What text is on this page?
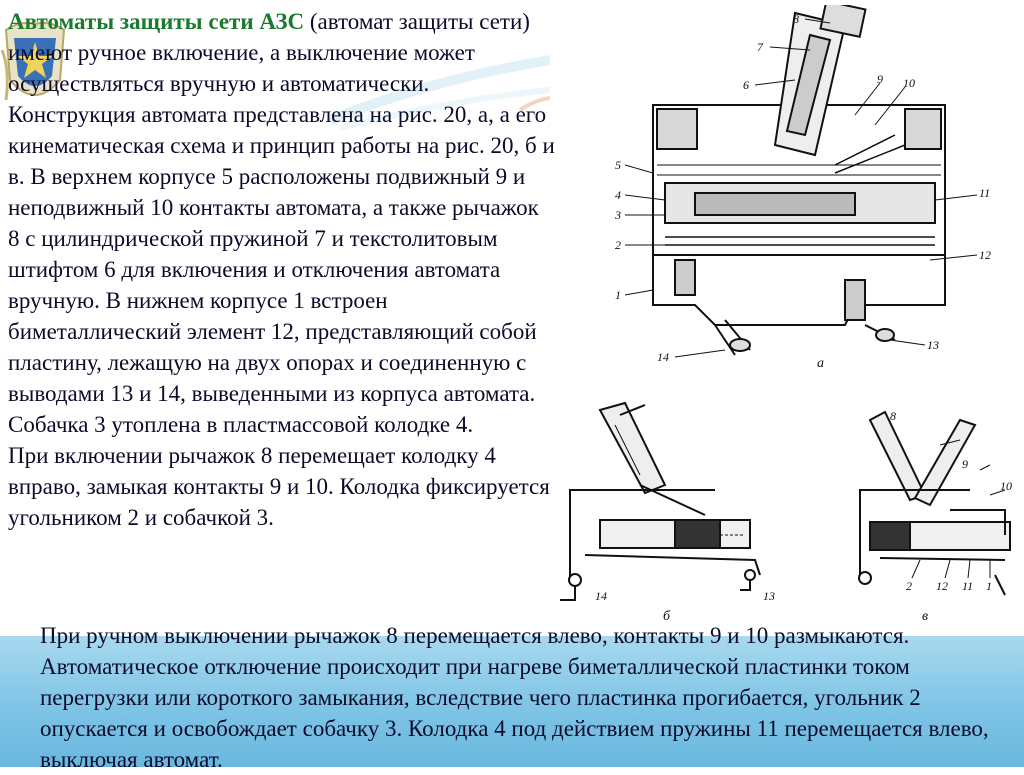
Автоматы защиты сети АЗС (автомат защиты сети) имеют ручное включение, а выключение может осуществляться вручную и автоматически.

Конструкция автомата представлена на рис. 20, а, а его кинематическая схема и принцип работы на рис. 20, б и в. В верхнем корпусе 5 расположены подвижный 9 и неподвижный 10 контакты автомата, а также рычажок 8 с цилиндрической пружиной 7 и текстолитовым штифтом 6 для включения и отключения автомата вручную. В нижнем корпусе 1 встроен биметаллический элемент 12, представляющий собой пластину, лежащую на двух опорах и соединенную с выводами 13 и 14, выведенными из корпуса автомата. Собачка 3 утоплена в пластмассовой колодке 4.

При включении рычажок 8 перемещает колодку 4 вправо, замыкая контакты 9 и 10. Колодка фиксируется угольником 2 и собачкой 3.

При ручном выключении рычажок 8 перемещается влево, контакты 9 и 10 размыкаются. Автоматическое отключение происходит при нагреве биметаллической пластинки током перегрузки или короткого замыкания, вследствие чего пластинка прогибается, угольник 2 опускается и освобождает собачку 3. Колодка 4 под действием пружины 11 перемещается влево, выключая автомат.

8
7
6	9 10
5
4
3
2
1
11
12
14
13
а
14	13
б
8
9
10
2 12 11 1
в
